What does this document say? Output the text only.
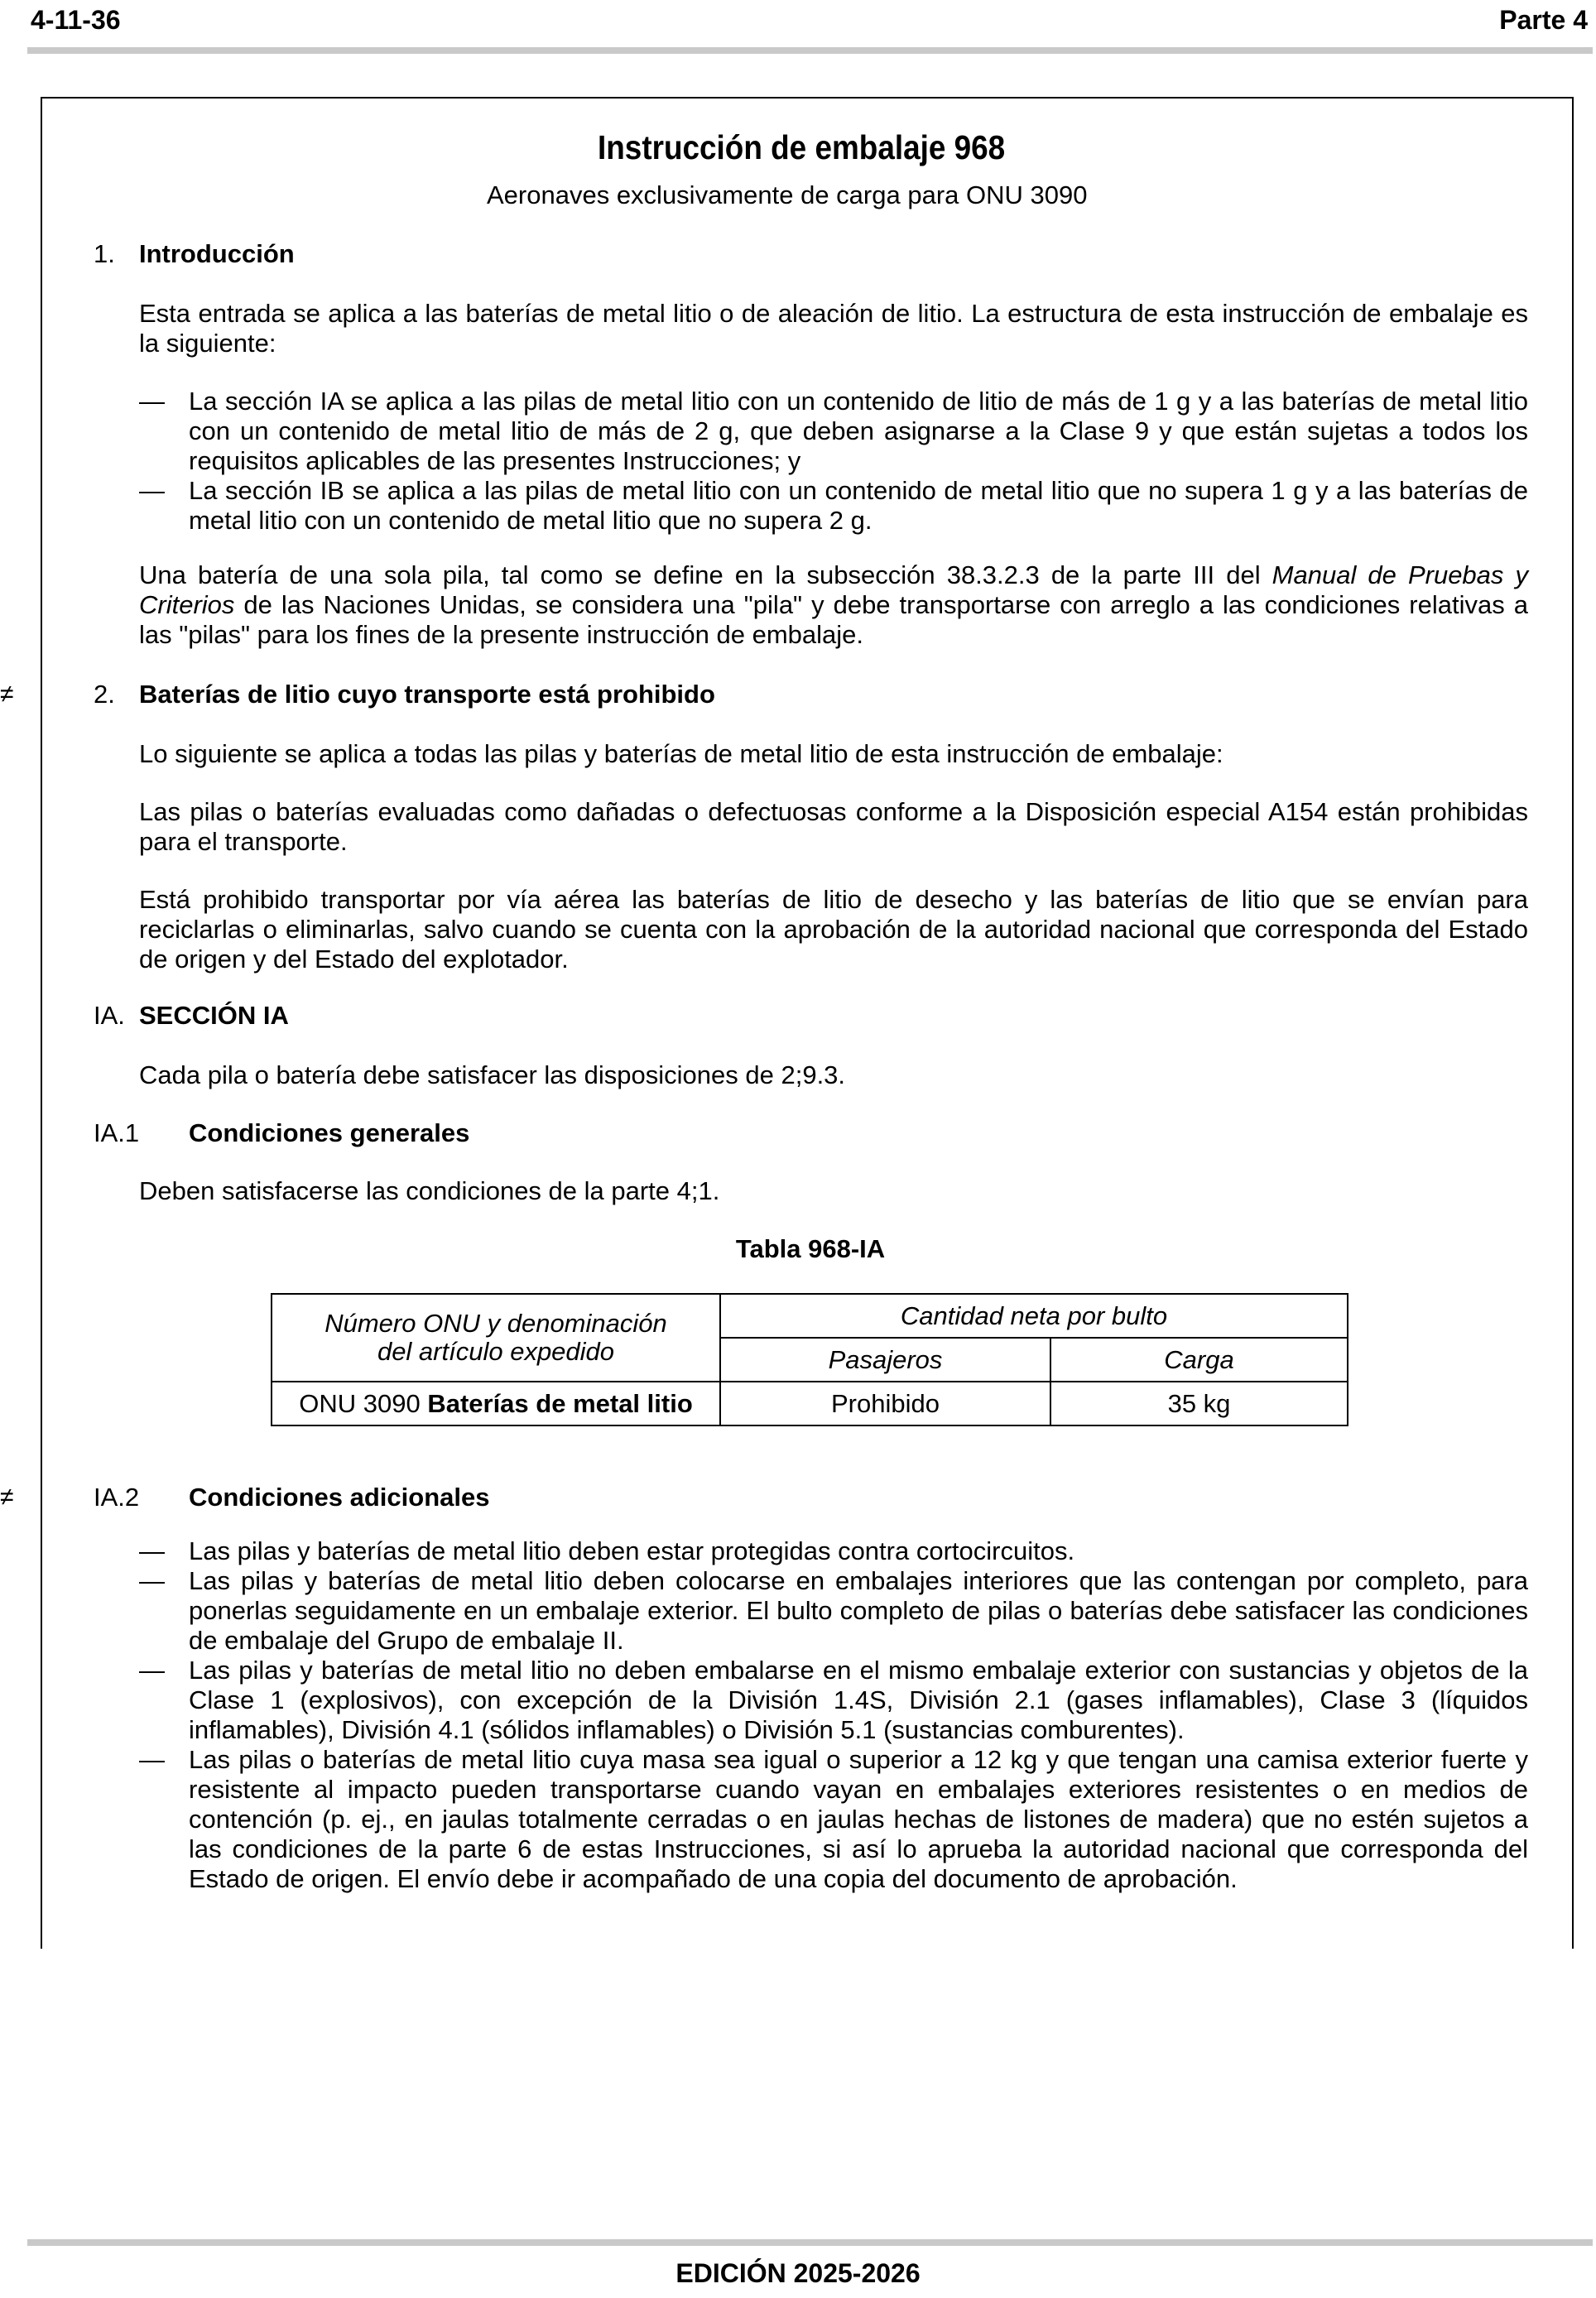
4-11-36	Parte 4
Instrucción de embalaje 968
Aeronaves exclusivamente de carga para ONU 3090
1. Introducción
Esta entrada se aplica a las baterías de metal litio o de aleación de litio. La estructura de esta instrucción de embalaje es la siguiente:
— La sección IA se aplica a las pilas de metal litio con un contenido de litio de más de 1 g y a las baterías de metal litio con un contenido de metal litio de más de 2 g, que deben asignarse a la Clase 9 y que están sujetas a todos los requisitos aplicables de las presentes Instrucciones; y
— La sección IB se aplica a las pilas de metal litio con un contenido de metal litio que no supera 1 g y a las baterías de metal litio con un contenido de metal litio que no supera 2 g.
Una batería de una sola pila, tal como se define en la subsección 38.3.2.3 de la parte III del Manual de Pruebas y Criterios de las Naciones Unidas, se considera una "pila" y debe transportarse con arreglo a las condiciones relativas a las "pilas" para los fines de la presente instrucción de embalaje.
≠	2. Baterías de litio cuyo transporte está prohibido
Lo siguiente se aplica a todas las pilas y baterías de metal litio de esta instrucción de embalaje:
Las pilas o baterías evaluadas como dañadas o defectuosas conforme a la Disposición especial A154 están prohibidas para el transporte.
Está prohibido transportar por vía aérea las baterías de litio de desecho y las baterías de litio que se envían para reciclarlas o eliminarlas, salvo cuando se cuenta con la aprobación de la autoridad nacional que corresponda del Estado de origen y del Estado del explotador.
IA. SECCIÓN IA
Cada pila o batería debe satisfacer las disposiciones de 2;9.3.
IA.1 Condiciones generales
Deben satisfacerse las condiciones de la parte 4;1.
Tabla 968-IA
Número ONU y denominación
del artículo expedido	Cantidad neta por bulto	
	Pasajeros	Carga
ONU 3090 Baterías de metal litio	Prohibido	35 kg
≠	IA.2 Condiciones adicionales
— Las pilas y baterías de metal litio deben estar protegidas contra cortocircuitos.
— Las pilas y baterías de metal litio deben colocarse en embalajes interiores que las contengan por completo, para ponerlas seguidamente en un embalaje exterior. El bulto completo de pilas o baterías debe satisfacer las condiciones de embalaje del Grupo de embalaje II.
— Las pilas y baterías de metal litio no deben embalarse en el mismo embalaje exterior con sustancias y objetos de la Clase 1 (explosivos), con excepción de la División 1.4S, División 2.1 (gases inflamables), Clase 3 (líquidos inflamables), División 4.1 (sólidos inflamables) o División 5.1 (sustancias comburentes).
— Las pilas o baterías de metal litio cuya masa sea igual o superior a 12 kg y que tengan una camisa exterior fuerte y resistente al impacto pueden transportarse cuando vayan en embalajes exteriores resistentes o en medios de contención (p. ej., en jaulas totalmente cerradas o en jaulas hechas de listones de madera) que no estén sujetos a las condiciones de la parte 6 de estas Instrucciones, si así lo aprueba la autoridad nacional que corresponda del Estado de origen. El envío debe ir acompañado de una copia del documento de aprobación.
EDICIÓN 2025-2026
